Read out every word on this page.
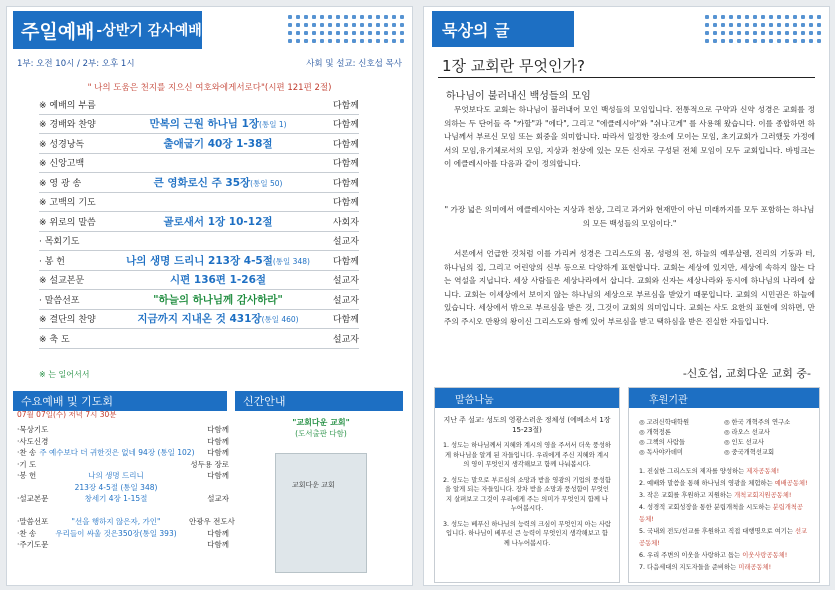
주일예배 -상반기 감사예배
1부: 오전 10시 / 2부: 오후 1시	사회 및 설교: 신호섭 목사
" 나의 도움은 천지를 지으신 여호와에게서로다"(시편 121편 2절)
※ 예배의 부름	다함께
※ 경배와 찬양	만복의 근원 하나님 1장(통일 1)	다함께
※ 성경낭독	출애굽기 40장 1-38절	다함께
※ 신앙고백	다함께
※ 영 광 송	큰 영화로신 주 35장(통일 50)	다함께
※ 고백의 기도	다함께
※ 위로의 말씀	골로새서 1장 10-12절	사회자
· 목회기도	설교자
· 봉 헌	나의 생명 드리니 213장 4-5절(통일 348)	다함께
※ 설교본문	시편 136편 1-26절	설교자
· 말씀선포	"하늘의 하나님께 감사하라"	설교자
※ 결단의 찬양	지금까지 지내온 것 431장(통일 460)	다함께
※ 축 도	설교자
※ 는 일어서서
수요예배 및 기도회	신간안내
07월 07일(수) 저녁 7시 30분
·묵상기도	다함께
·사도신경	다함께
·찬 송 주 예수보다 더 귀한것은 없네 94장 (통일 102)	다함께
·기 도	성두용 장로
·봉 헌	나의 생명 드리니	다함께
213장 4-5절 (통일 348)
·설교본문	창세기 4장 1-15절	설교자
·말씀선포	"선을 행하지 않은자, 가인"	안광우 전도사
·찬 송	우리들이 싸울 것은350장(통일 393)	다함께
·주기도문	다함께
"교회다운 교회"
(도서출판 다함)
교회다운 교회
묵상의 글
1장 교회란 무엇인가?
하나님이 불러내신 백성들의 모임
무엇보다도 교회는 하나님이 불러내어 모인 백성들의 모임입니다. 전통적으로 구약과 신약 성경은 교회를 정의하는 두 단어들 즉 "카할"과 "에다", 그리고 "에클레시아"와 "쉬나고게" 를 사용해 왔습니다. 이를 종합하면 하나님께서 부르신 모임 또는 회중을 의미합니다. 따라서 일정한 장소에 모이는 모임, 초기교회가 그러했듯 가정에서의 모임,유기체로서의 모임, 지상과 천상에 있는 모든 신자로 구성된 전체 모임이 모두 교회입니다. 바빙크는 이 에클레시아를 다음과 같이 정의합니다.
" 가장 넓은 의미에서 에클레시아는 지상과 천상, 그리고 과거와 현재만이 아닌 미래까지를 모두 포함하는 하나님의 모든 백성들의 모임이다."
서론에서 언급한 것처럼 이를 가리켜 성경은 그리스도의 몸, 성령의 전, 하늘의 예루살렘, 진리의 기둥과 터, 하나님의 집, 그리고 어린양의 신부 등으로 다양하게 표현합니다. 교회는 세상에 있지만, 세상에 속하지 않는 다는 역설을 지닙니다. 세상 사람들은 세상나라에서 삽니다. 교회와 신자는 세상나라와 동시에 하나님의 나라에 삽니다. 교회는 이세상에서 보이지 않는 하나님의 세상으로 부르심을 받았기 때문입니다. 교회의 시민권은 하늘에 있습니다. 세상에서 밖으로 부르심을 받은 것, 그것이 교회의 의미입니다. 교회는 사도 요한의 표현에 의하면, 만주의 주시오 만왕의 왕이신 그리스도와 함께 있어 부르심을 받고 택하심을 받은 진실한 자들입니다.
-신호섭, 교회다운 교회 중-
말씀나눔
지난 주 설교: 성도의 영광스러운 정체성 (에베소서 1장 15-23절)

1. 성도는 하나님께서 지혜와 계시의 영을 주셔서 더욱 풍성하게 하나님을 알게 된 자들입니다. 우리에게 주신 지혜와 계시의 영이 무엇인지 생각해보고 함께 나눠봅시다.

2. 성도는 말으로 부르심의 소망과 받을 영광의 기업의 풍성함을 알게 되는 자들입니다. 장차 받을 소망과 풍성함이 무엇인지 살펴보고 그것이 우리에게 주는 의미가 무엇인지 함께 나누어봅시다.

3. 성도는 베푸신 하나님의 능력의 크심이 무엇인지 아는 사람입니다. 하나님이 베푸신 큰 능력이 무엇인지 생각해보고 함께 나누어봅시다.

후원기관
◎ 고려신학대학원	◎ 한국 개혁주의 연구소
◎ 개혁정론	◎ 라오스 선교사
◎ 그책의 사람들	◎ 인도 선교사
◎ 독사야카데미	◎ 중국개혁선교회
1. 진실한 그리스도의 제자를 양성하는 제자공동체!
2. 예배와 말씀을 통해 하나님의 영광을 체험하는 예배공동체!
3. 작은 교회를 후원하고 지원하는 개척교회지원공동체!
4. 성경적 교회성장을 통한 분립개척을 시도하는 분립개척공동체!
5. 국내외 전도/선교를 후원하고 직접 대행명으로 여기는 선교공동체!
6. 우리 주변의 이웃을 사랑하고 돕는 이웃사랑공동체!
7. 다음세대의 지도자들을 준비하는 미래공동체!
